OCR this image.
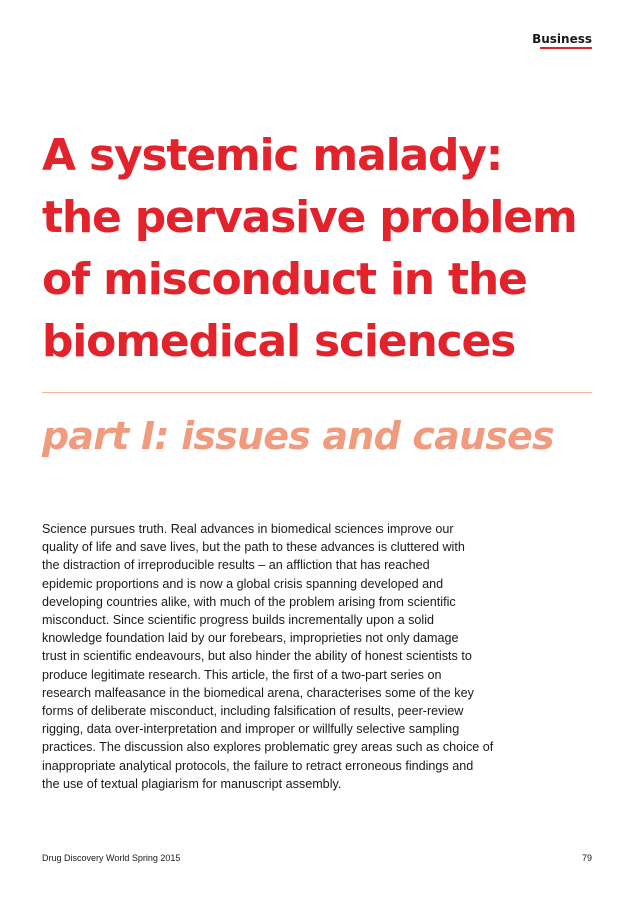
Business
A systemic malady:
the pervasive problem
of misconduct in the
biomedical sciences
part I: issues and causes
Science pursues truth. Real advances in biomedical sciences improve our
quality of life and save lives, but the path to these advances is cluttered with
the distraction of irreproducible results – an affliction that has reached
epidemic proportions and is now a global crisis spanning developed and
developing countries alike, with much of the problem arising from scientific
misconduct. Since scientific progress builds incrementally upon a solid
knowledge foundation laid by our forebears, improprieties not only damage
trust in scientific endeavours, but also hinder the ability of honest scientists to
produce legitimate research. This article, the first of a two-part series on
research malfeasance in the biomedical arena, characterises some of the key
forms of deliberate misconduct, including falsification of results, peer-review
rigging, data over-interpretation and improper or willfully selective sampling
practices. The discussion also explores problematic grey areas such as choice of
inappropriate analytical protocols, the failure to retract erroneous findings and
the use of textual plagiarism for manuscript assembly.
Drug Discovery World Spring 2015	79
